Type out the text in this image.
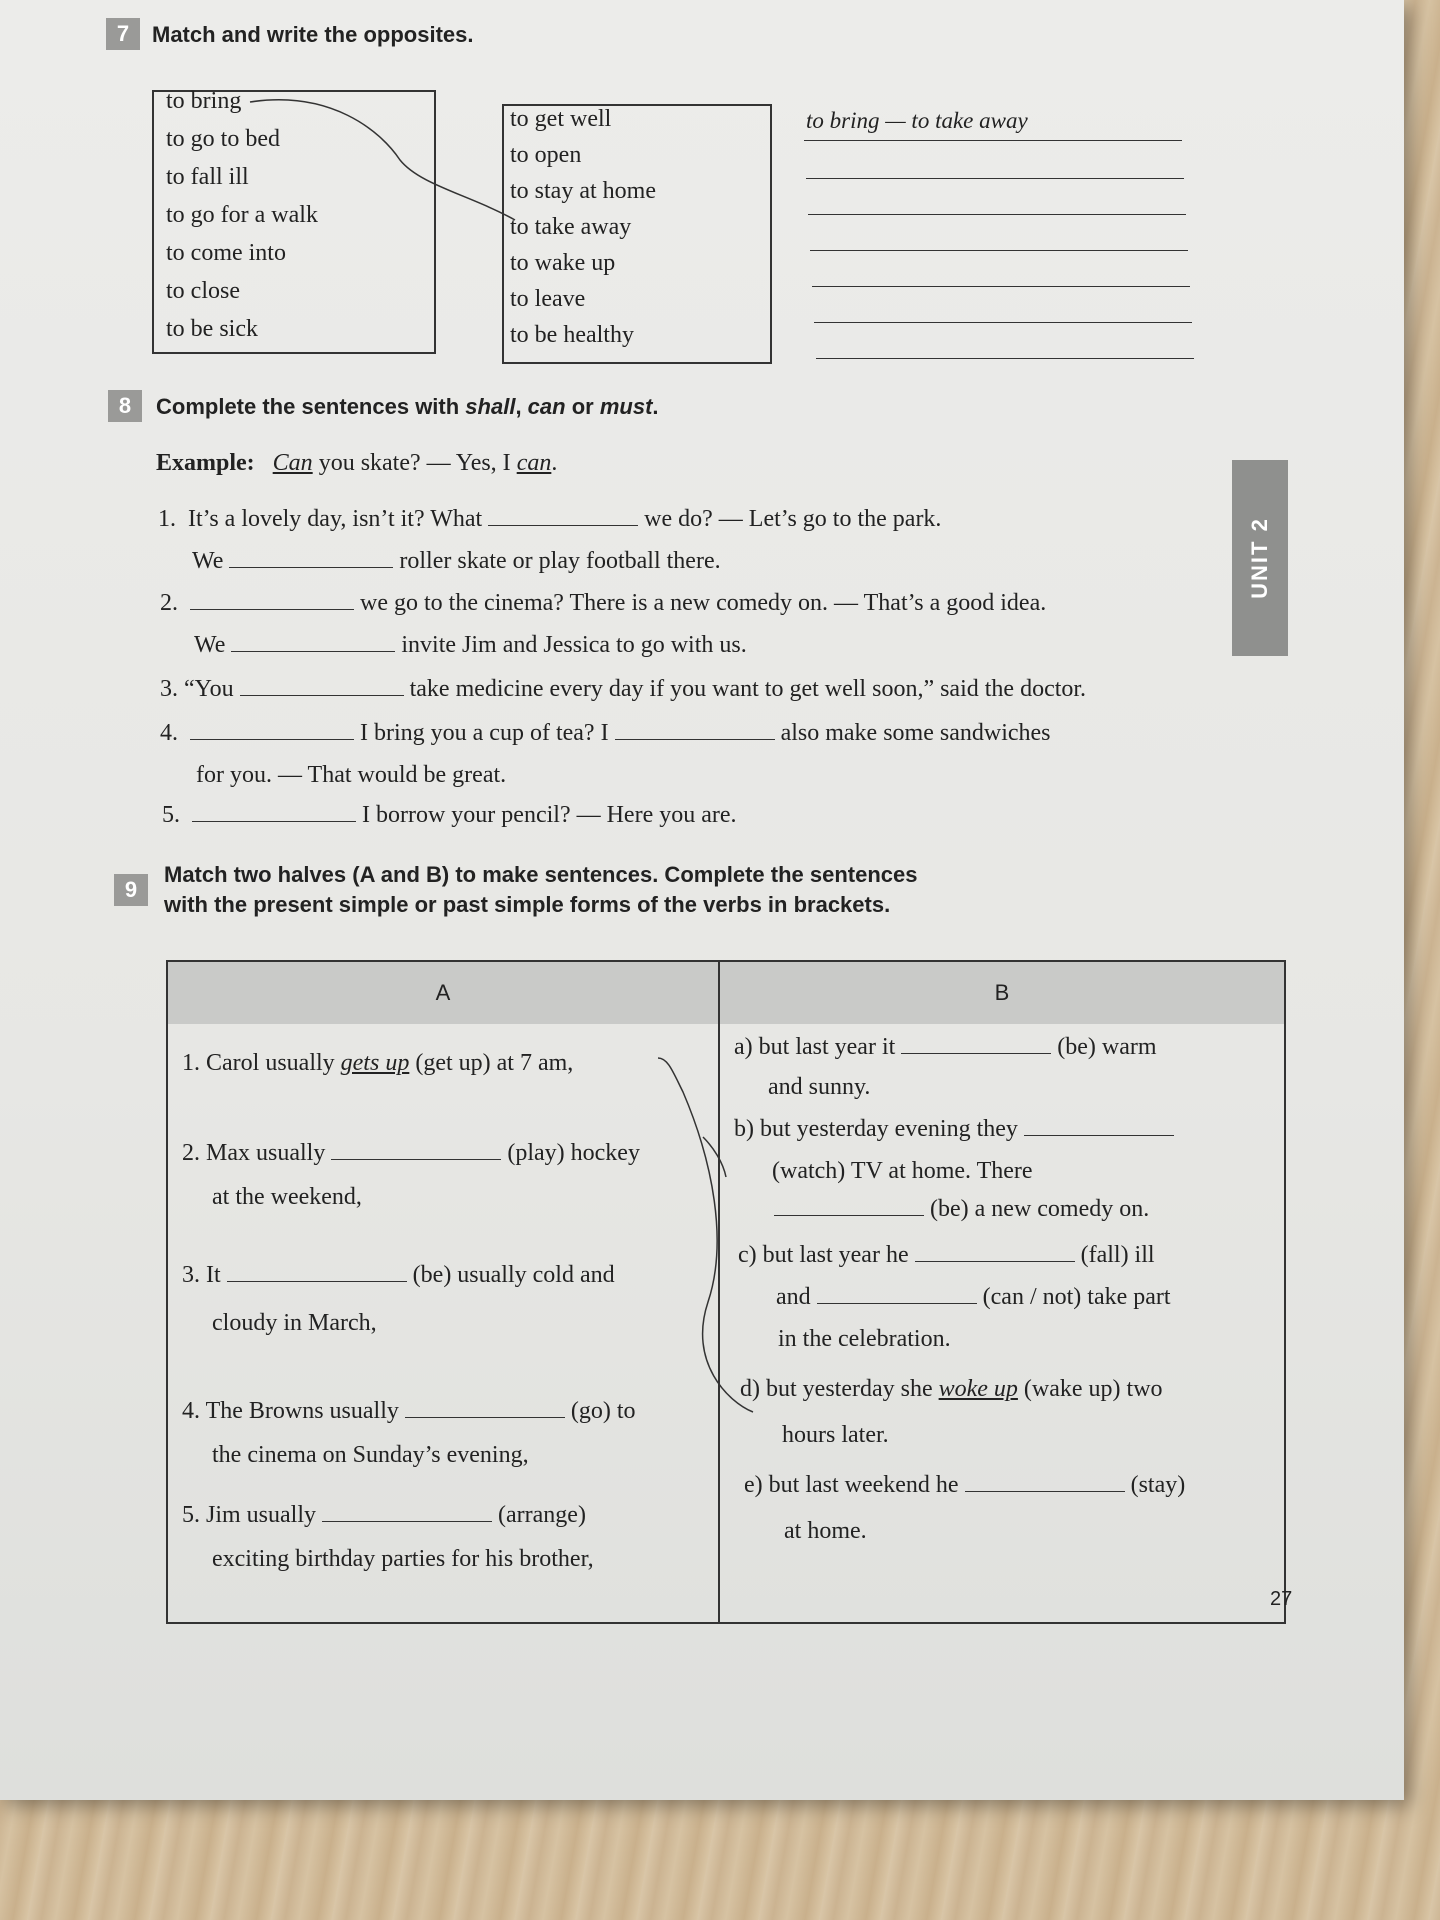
7	Match and write the opposites.
to bring
to go to bed
to fall ill
to go for a walk
to come into
to close
to be sick
to get well
to open
to stay at home
to take away
to wake up
to leave
to be healthy
to bring — to take away
8	Complete the sentences with shall, can or must.
Example: Can you skate? — Yes, I can.
1. It’s a lovely day, isn’t it? What	we do? — Let’s go to the park.
We	roller skate or play football there.
2.	we go to the cinema? There is a new comedy on. — That’s a good idea.
We	invite Jim and Jessica to go with us.
3. “You	take medicine every day if you want to get well soon,” said the doctor.
4.	I bring you a cup of tea? I	also make some sandwiches
for you. — That would be great.
5.	I borrow your pencil? — Here you are.
UNIT 2
9
Match two halves (A and B) to make sentences. Complete the sentences
with the present simple or past simple forms of the verbs in brackets.
A	B
1. Carol usually gets up (get up) at 7 am,
2. Max usually	(play) hockey
at the weekend,
3. It	(be) usually cold and
cloudy in March,
4. The Browns usually	(go) to
the cinema on Sunday’s evening,
5. Jim usually	(arrange)
exciting birthday parties for his brother,
a) but last year it	(be) warm
and sunny.
b) but yesterday evening they
(watch) TV at home. There
(be) a new comedy on.
c) but last year he	(fall) ill
and	(can / not) take part
in the celebration.
d) but yesterday she woke up (wake up) two
hours later.
e) but last weekend he	(stay)
at home.
27
